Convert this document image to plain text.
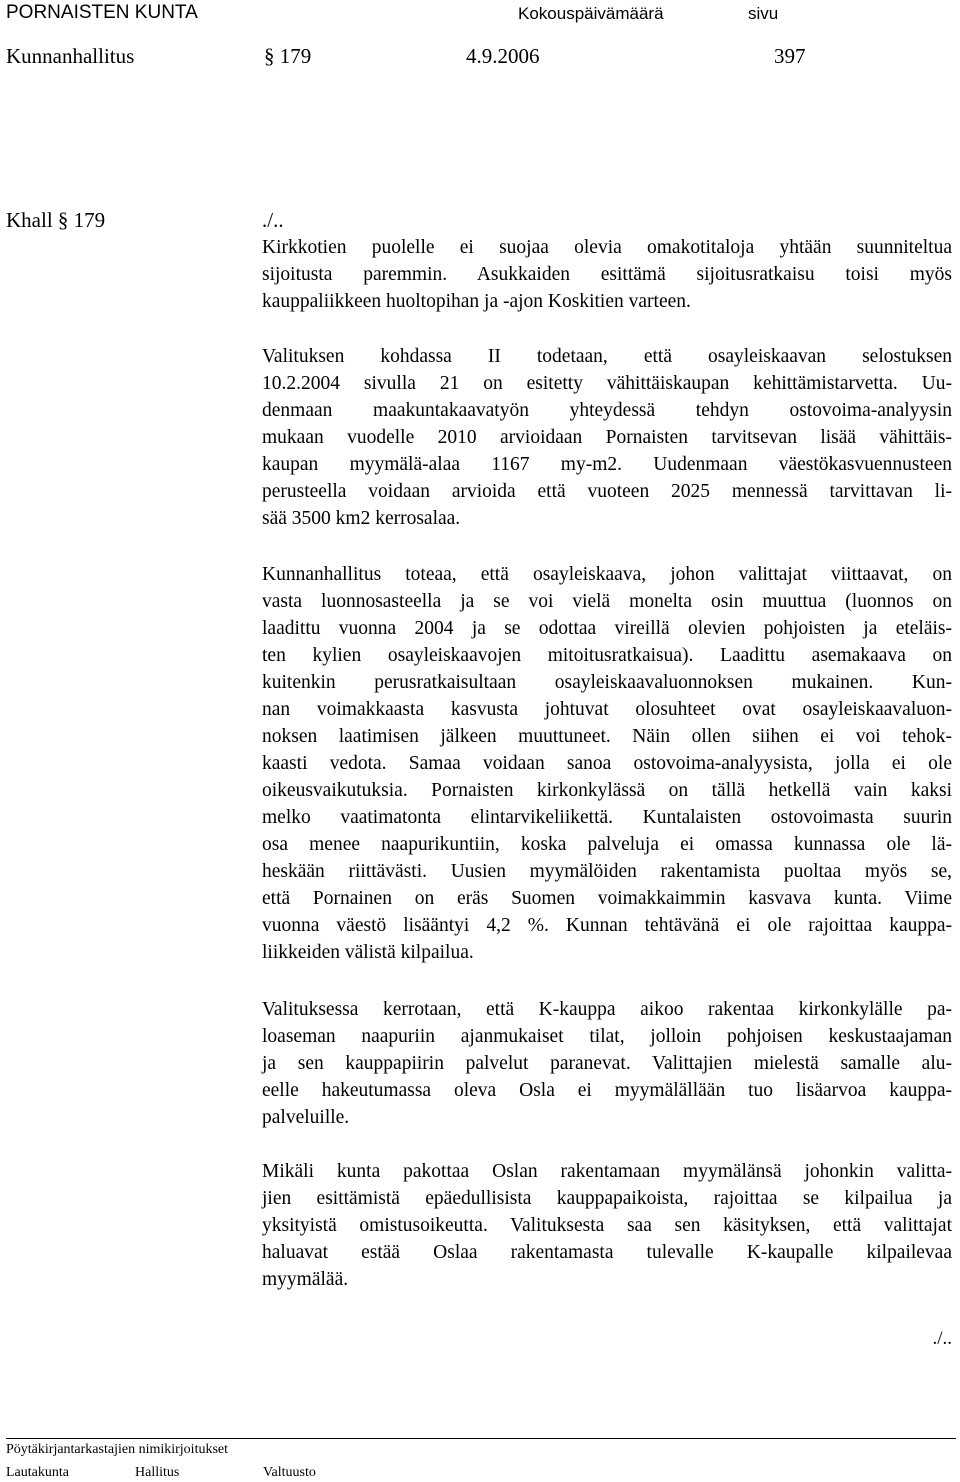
PORNAISTEN KUNTA	Kokouspäivämäärä	sivu
Kunnanhallitus	§ 179	4.9.2006	397
Khall § 179	./..
Kirkkotien puolelle ei suojaa olevia omakotitaloja yhtään suunniteltua
sijoitusta paremmin. Asukkaiden esittämä sijoitusratkaisu toisi myös
kauppaliikkeen huoltopihan ja -ajon Koskitien varteen.
Valituksen kohdassa II todetaan, että osayleiskaavan selostuksen
10.2.2004 sivulla 21 on esitetty vähittäiskaupan kehittämistarvetta. Uu-
denmaan maakuntakaavatyön yhteydessä tehdyn ostovoima-analyysin
mukaan vuodelle 2010 arvioidaan Pornaisten tarvitsevan lisää vähittäis-
kaupan myymälä-alaa 1167 my-m2. Uudenmaan väestökasvuennusteen
perusteella voidaan arvioida että vuoteen 2025 mennessä tarvittavan li-
sää 3500 km2 kerrosalaa.
Kunnanhallitus toteaa, että osayleiskaava, johon valittajat viittaavat, on
vasta luonnosasteella ja se voi vielä monelta osin muuttua (luonnos on
laadittu vuonna 2004 ja se odottaa vireillä olevien pohjoisten ja eteläis-
ten kylien osayleiskaavojen mitoitusratkaisua). Laadittu asemakaava on
kuitenkin perusratkaisultaan osayleiskaavaluonnoksen mukainen. Kun-
nan voimakkaasta kasvusta johtuvat olosuhteet ovat osayleiskaavaluon-
noksen laatimisen jälkeen muuttuneet. Näin ollen siihen ei voi tehok-
kaasti vedota. Samaa voidaan sanoa ostovoima-analyysista, jolla ei ole
oikeusvaikutuksia. Pornaisten kirkonkylässä on tällä hetkellä vain kaksi
melko vaatimatonta elintarvikeliikettä. Kuntalaisten ostovoimasta suurin
osa menee naapurikuntiin, koska palveluja ei omassa kunnassa ole lä-
heskään riittävästi. Uusien myymälöiden rakentamista puoltaa myös se,
että Pornainen on eräs Suomen voimakkaimmin kasvava kunta. Viime
vuonna väestö lisääntyi 4,2 %. Kunnan tehtävänä ei ole rajoittaa kauppa-
liikkeiden välistä kilpailua.
Valituksessa kerrotaan, että K-kauppa aikoo rakentaa kirkonkylälle pa-
loaseman naapuriin ajanmukaiset tilat, jolloin pohjoisen keskustaajaman
ja sen kauppapiirin palvelut paranevat. Valittajien mielestä samalle alu-
eelle hakeutumassa oleva Osla ei myymälällään tuo lisäarvoa kauppa-
palveluille.
Mikäli kunta pakottaa Oslan rakentamaan myymälänsä johonkin valitta-
jien esittämistä epäedullisista kauppapaikoista, rajoittaa se kilpailua ja
yksityistä omistusoikeutta. Valituksesta saa sen käsityksen, että valittajat
haluavat estää Oslaa rakentamasta tulevalle K-kaupalle kilpailevaa
myymälää.
./..
Pöytäkirjantarkastajien nimikirjoitukset
Lautakunta	Hallitus	Valtuusto
